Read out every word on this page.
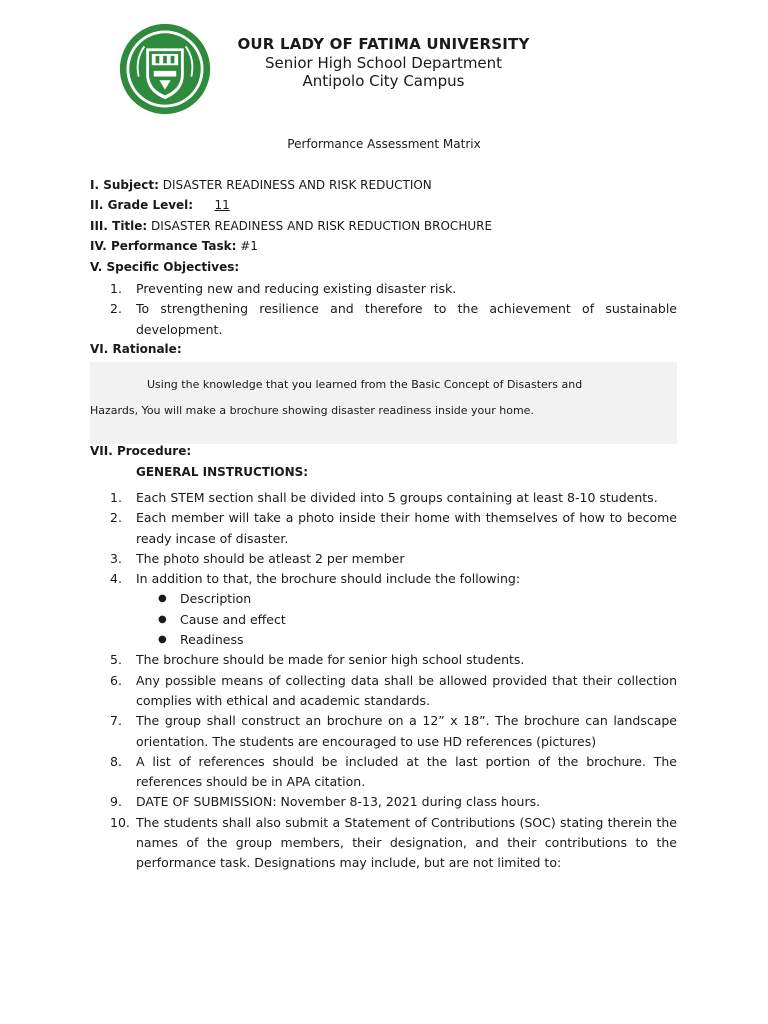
OUR LADY OF FATIMA UNIVERSITY
Senior High School Department
Antipolo City Campus
Performance Assessment Matrix
I. Subject: DISASTER READINESS AND RISK REDUCTION
II. Grade Level: 11
III. Title: DISASTER READINESS AND RISK REDUCTION BROCHURE
IV. Performance Task: #1
V. Specific Objectives:
1. Preventing new and reducing existing disaster risk.
2. To strengthening resilience and therefore to the achievement of sustainable development.
VI. Rationale:
Using the knowledge that you learned from the Basic Concept of Disasters and
Hazards, You will make a brochure showing disaster readiness inside your home.
VII. Procedure:
GENERAL INSTRUCTIONS:
1. Each STEM section shall be divided into 5 groups containing at least 8-10 students.
2. Each member will take a photo inside their home with themselves of how to become ready incase of disaster.
3. The photo should be atleast 2 per member
4. In addition to that, the brochure should include the following:
● Description
● Cause and effect
● Readiness
5. The brochure should be made for senior high school students.
6. Any possible means of collecting data shall be allowed provided that their collection complies with ethical and academic standards.
7. The group shall construct an brochure on a 12” x 18”. The brochure can landscape orientation. The students are encouraged to use HD references (pictures)
8. A list of references should be included at the last portion of the brochure. The references should be in APA citation.
9. DATE OF SUBMISSION: November 8-13, 2021 during class hours.
10. The students shall also submit a Statement of Contributions (SOC) stating therein the names of the group members, their designation, and their contributions to the performance task. Designations may include, but are not limited to:
